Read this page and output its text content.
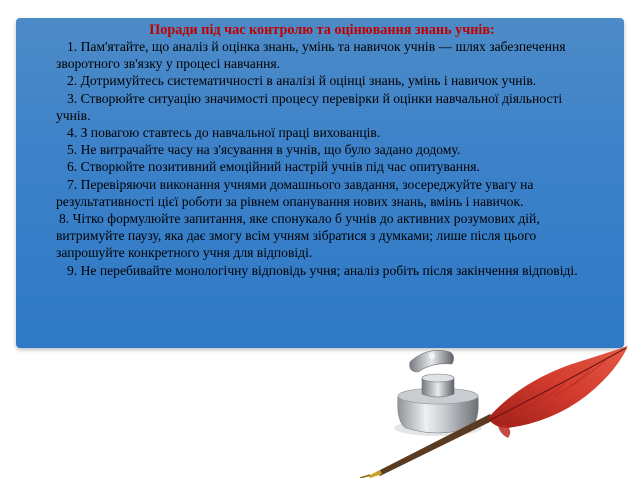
Поради під час контролю та оцінювання знань учнів:

1. Пам'ятайте, що аналіз й оцінка знань, умінь та навичок учнів — шлях забезпечення зворотного зв'язку у процесі навчання.

2. Дотримуйтесь систематичності в аналізі й оцінці знань, умінь і навичок учнів.

3. Створюйте ситуацію значимості процесу перевірки й оцінки навчальної діяльності учнів.

4. З повагою ставтесь до навчальної праці вихованців.

5. Не витрачайте часу на з'ясування в учнів, що було задано додому.

6. Створюйте позитивний емоційний настрій учнів під час опитування.

7. Перевіряючи виконання учнями домашнього завдання, зосереджуйте увагу на результативності цієї роботи за рівнем опанування нових знань, вмінь і навичок.

8. Чітко формулюйте запитання, яке спонукало б учнів до активних розумових дій, витримуйте паузу, яка дає змогу всім учням зібратися з думками; лише після цього запрошуйте конкретного учня для відповіді.

9. Не перебивайте монологічну відповідь учня; аналіз робіть після закінчення відповіді.
